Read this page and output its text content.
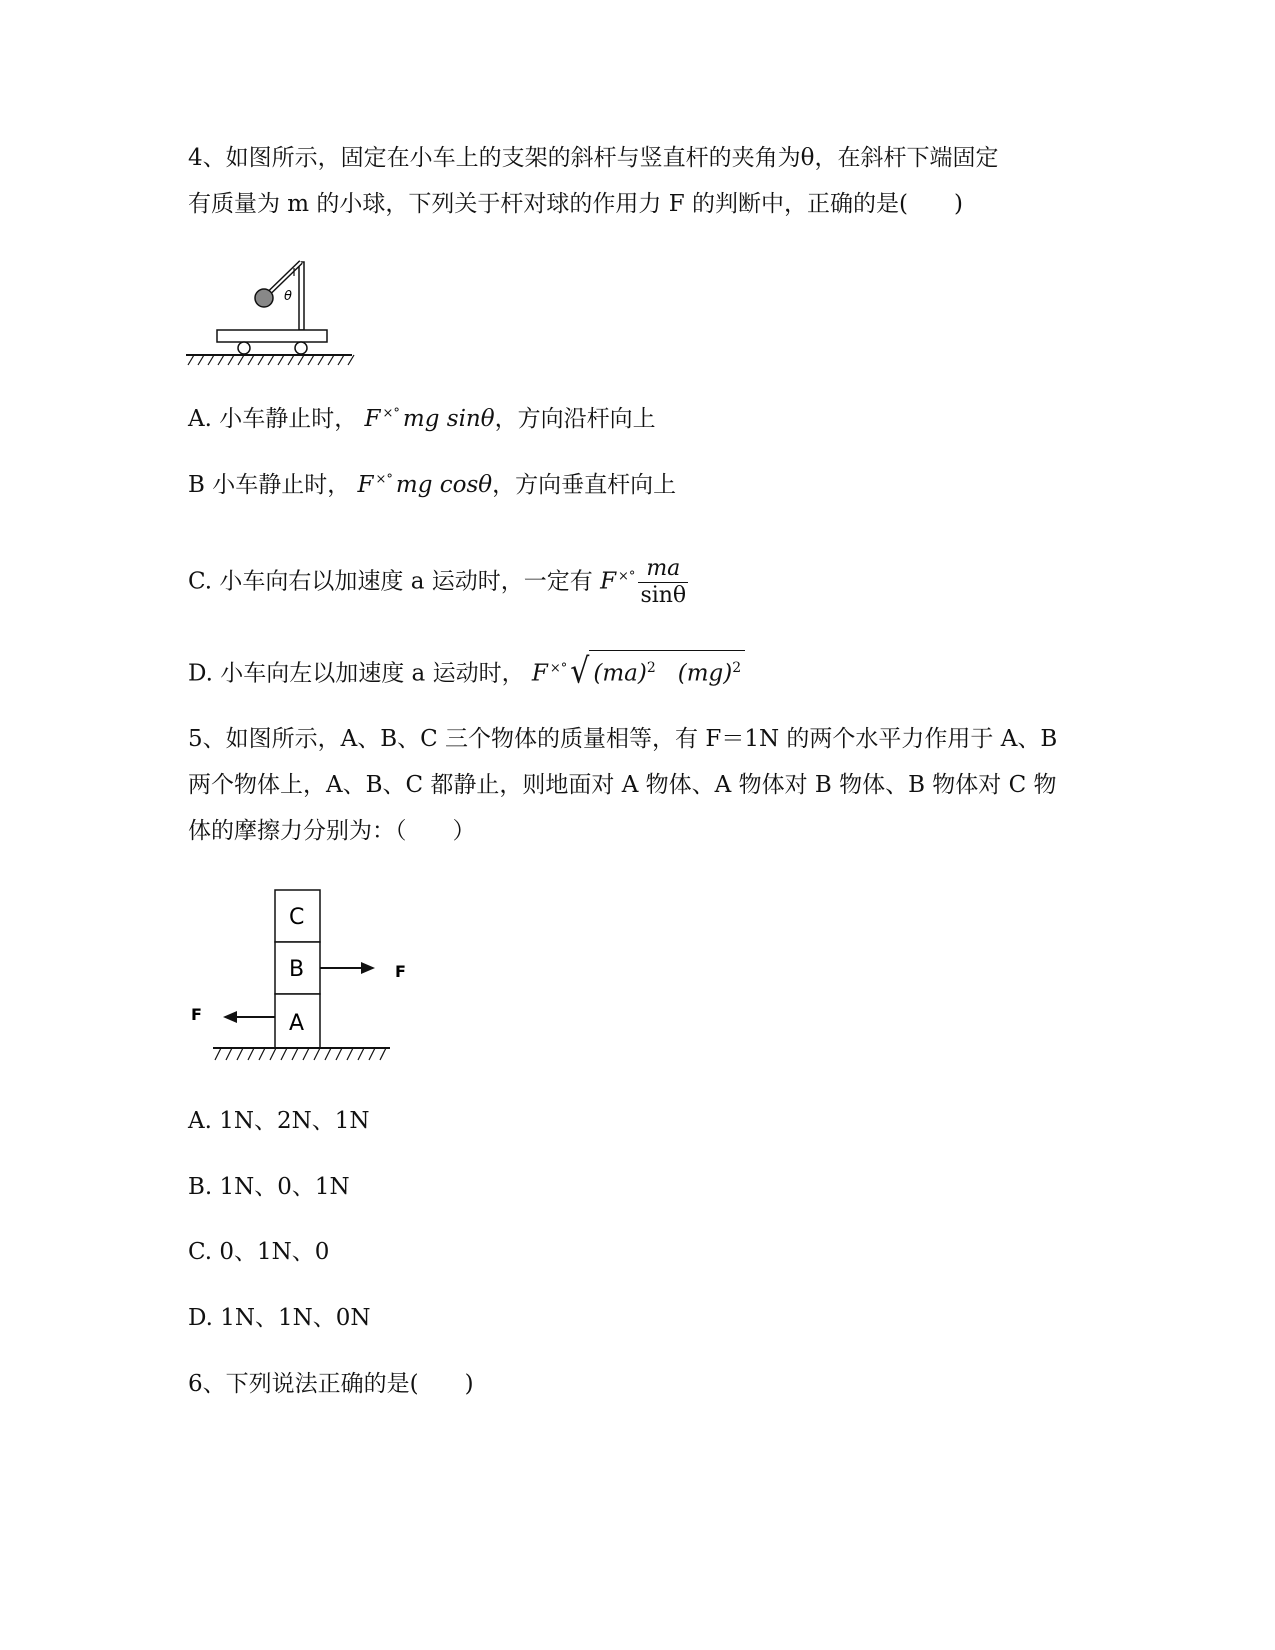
4、如图所示，固定在小车上的支架的斜杆与竖直杆的夹角为θ，在斜杆下端固定
有质量为 m 的小球，下列关于杆对球的作用力 F 的判断中，正确的是(　　)
θ
A. 小车静止时， F ×° mg sinθ，方向沿杆向上
B 小车静止时， F ×° mg cosθ，方向垂直杆向上
C. 小车向右以加速度 a 运动时，一定有 F $^{\times^\circ} \frac{ma}{\sin\theta}$
D. 小车向左以加速度 a 运动时， F ×° √ (ma)$^2$ (mg)$^2$
5、如图所示，A、B、C 三个物体的质量相等，有 F＝1N 的两个水平力作用于 A、B
两个物体上，A、B、C 都静止，则地面对 A 物体、A 物体对 B 物体、B 物体对 C 物
体的摩擦力分别为：（　　）
C
B
A
F
F
A. 1N、2N、1N
B. 1N、0、1N
C. 0、1N、0
D. 1N、1N、0N
6、下列说法正确的是(　　)
